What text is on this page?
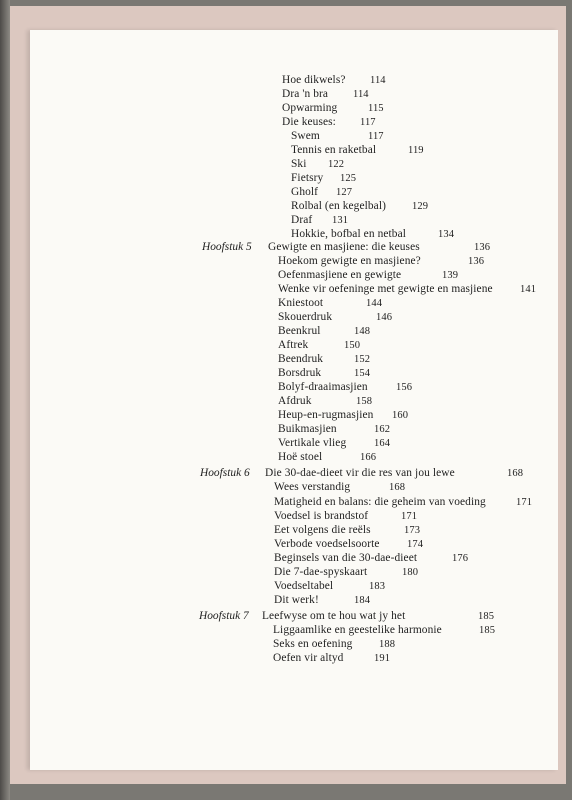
Hoe dikwels? 114
Dra 'n bra 114
Opwarming	115
Die keuses: 117
Swem	117
Tennis en raketbal	119
Ski 122
Fietsry 125
Gholf 127
Rolbal (en kegelbal) 129
Draf 131
Hokkie, bofbal en netbal	134
Hoofstuk 5 Gewigte en masjiene: die keuses	136
Hoekom gewigte en masjiene?	136
Oefenmasjiene en gewigte	139
Wenke vir oefeninge met gewigte en masjiene	141
Kniestoot	144
Skouerdruk	146
Beenkrul	148
Aftrek	150
Beendruk	152
Borsdruk	154
Bolyf-draaimasjien	156
Afdruk	158
Heup-en-rugmasjien 160
Buikmasjien	162
Vertikale vlieg	164
Hoë stoel	166
Hoofstuk 6 Die 30-dae-dieet vir die res van jou lewe	168
Wees verstandig	168
Matigheid en balans: die geheim van voeding	171
Voedsel is brandstof	171
Eet volgens die reëls	173
Verbode voedselsoorte	174
Beginsels van die 30-dae-dieet	176
Die 7-dae-spyskaart	180
Voedseltabel	183
Dit werk!	184
Hoofstuk 7 Leefwyse om te hou wat jy het	185
Liggaamlike en geestelike harmonie	185
Seks en oefening	188
Oefen vir altyd	191
